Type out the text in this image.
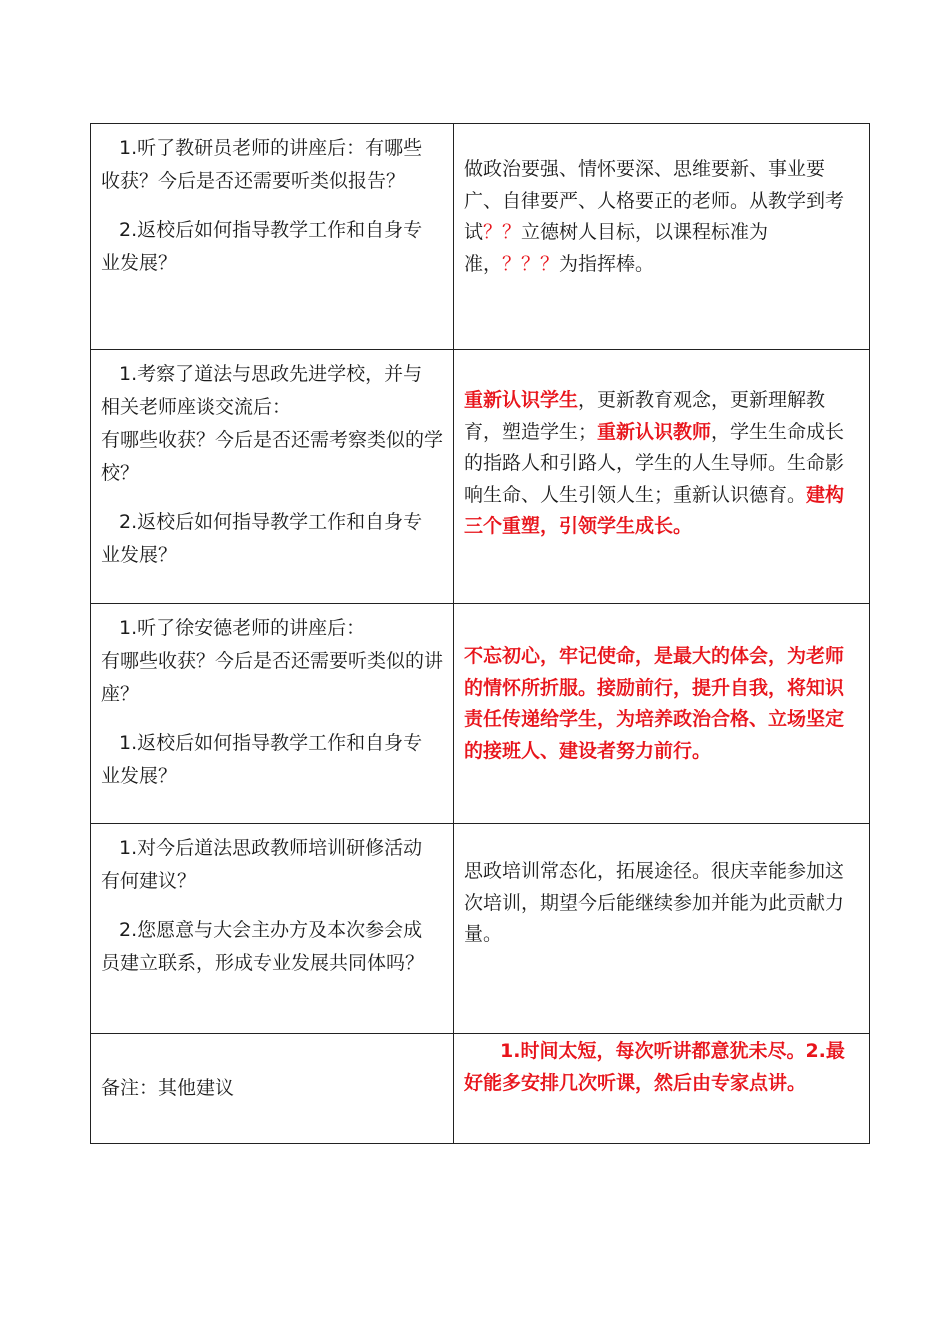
1.听了教研员老师的讲座后：有哪些

收获？今后是否还需要听类似报告？

2.返校后如何指导教学工作和自身专

业发展？	做政治要强、情怀要深、思维要新、事业要广、自律要严、人格要正的老师。从教学到考试？？立德树人目标，以课程标准为准，？？？为指挥棒。

1.考察了道法与思政先进学校，并与

相关老师座谈交流后：

有哪些收获？今后是否还需考察类似的学校？

2.返校后如何指导教学工作和自身专

业发展？	重新认识学生，更新教育观念，更新理解教育，塑造学生；重新认识教师，学生生命成长的指路人和引路人，学生的人生导师。生命影响生命、人生引领人生；重新认识德育。建构三个重塑，引领学生成长。

1.听了徐安德老师的讲座后：

有哪些收获？今后是否还需要听类似的讲座？

1.返校后如何指导教学工作和自身专

业发展？	不忘初心，牢记使命，是最大的体会，为老师的情怀所折服。接励前行，提升自我，将知识责任传递给学生，为培养政治合格、立场坚定的接班人、建设者努力前行。

1.对今后道法思政教师培训研修活动

有何建议？

2.您愿意与大会主办方及本次参会成

员建立联系，形成专业发展共同体吗？	思政培训常态化，拓展途径。很庆幸能参加这次培训，期望今后能继续参加并能为此贡献力量。
备注：其他建议	1.时间太短，每次听讲都意犹未尽。2.最好能多安排几次听课，然后由专家点讲。
